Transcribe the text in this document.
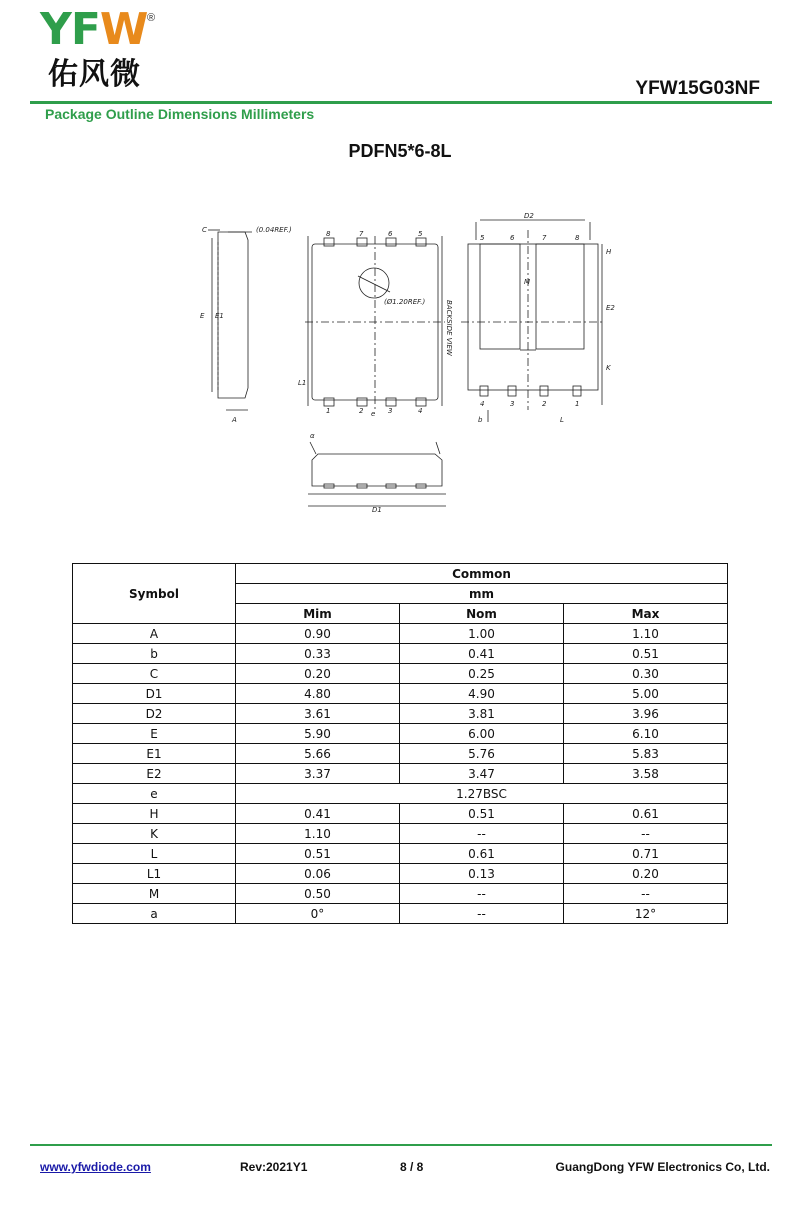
YFW ®
佑风微	YFW15G03NF
Package Outline Dimensions Millimeters
PDFN5*6-8L
C	(0.04REF.)
E E1
A
(Ø1.20REF.)	BACKSIDE VIEW
L1
e
D2
H
M
E2
K
b	L
α
D1
8	7	6	5
1	2	3	4
5	6	7	8
4	3	2	1
Symbol	Common		
	mm		
	Mim	Nom	Max
A	0.90	1.00	1.10
b	0.33	0.41	0.51
C	0.20	0.25	0.30
D1	4.80	4.90	5.00
D2	3.61	3.81	3.96
E	5.90	6.00	6.10
E1	5.66	5.76	5.83
E2	3.37	3.47	3.58
e	1.27BSC		
H	0.41	0.51	0.61
K	1.10	--	--
L	0.51	0.61	0.71
L1	0.06	0.13	0.20
M	0.50	--	--
a	0°	--	12°
www.yfwdiode.com	Rev:2021Y1	8 / 8	GuangDong YFW Electronics Co, Ltd.
